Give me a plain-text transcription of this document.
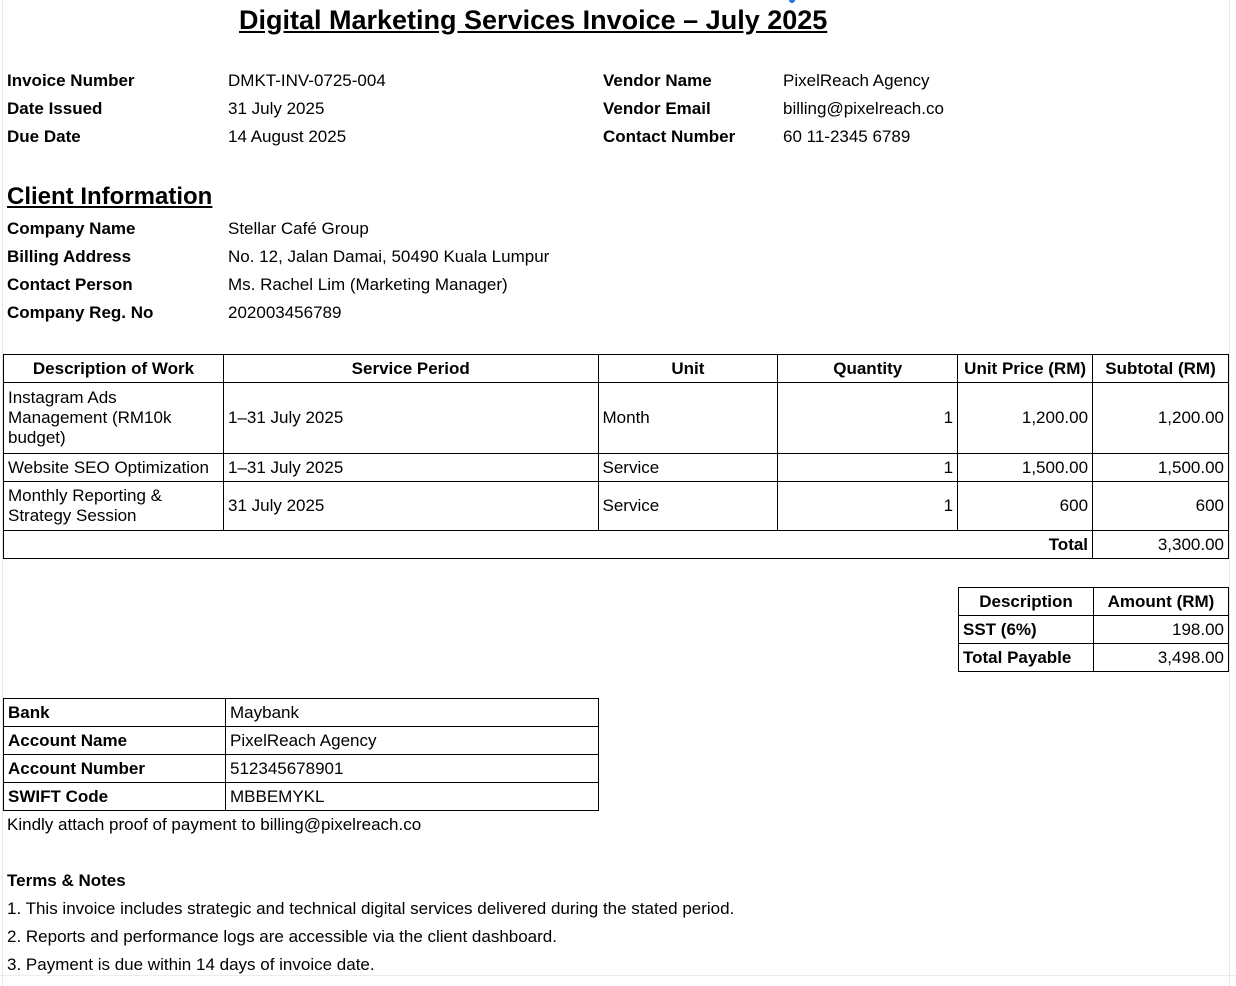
Digital Marketing Services Invoice – July 2025
Invoice Number	DMKT-INV-0725-004
Date Issued	31 July 2025
Due Date	14 August 2025
Vendor Name	PixelReach Agency
Vendor Email	billing@pixelreach.co
Contact Number	60 11-2345 6789
Client Information
Company Name	Stellar Café Group
Billing Address	No. 12, Jalan Damai, 50490 Kuala Lumpur
Contact Person	Ms. Rachel Lim (Marketing Manager)
Company Reg. No	202003456789
Description of Work	Service Period	Unit	Quantity	Unit Price (RM)	Subtotal (RM)
Instagram Ads Management (RM10k budget)	1–31 July 2025	Month	1	1,200.00	1,200.00
Website SEO Optimization	1–31 July 2025	Service	1	1,500.00	1,500.00
Monthly Reporting & Strategy Session	31 July 2025	Service	1	600	600
Total					3,300.00
Description	Amount (RM)
SST (6%)	198.00
Total Payable	3,498.00
Bank	Maybank
Account Name	PixelReach Agency
Account Number	512345678901
SWIFT Code	MBBEMYKL
Kindly attach proof of payment to billing@pixelreach.co
Terms & Notes
1. This invoice includes strategic and technical digital services delivered during the stated period.
2. Reports and performance logs are accessible via the client dashboard.
3. Payment is due within 14 days of invoice date.
